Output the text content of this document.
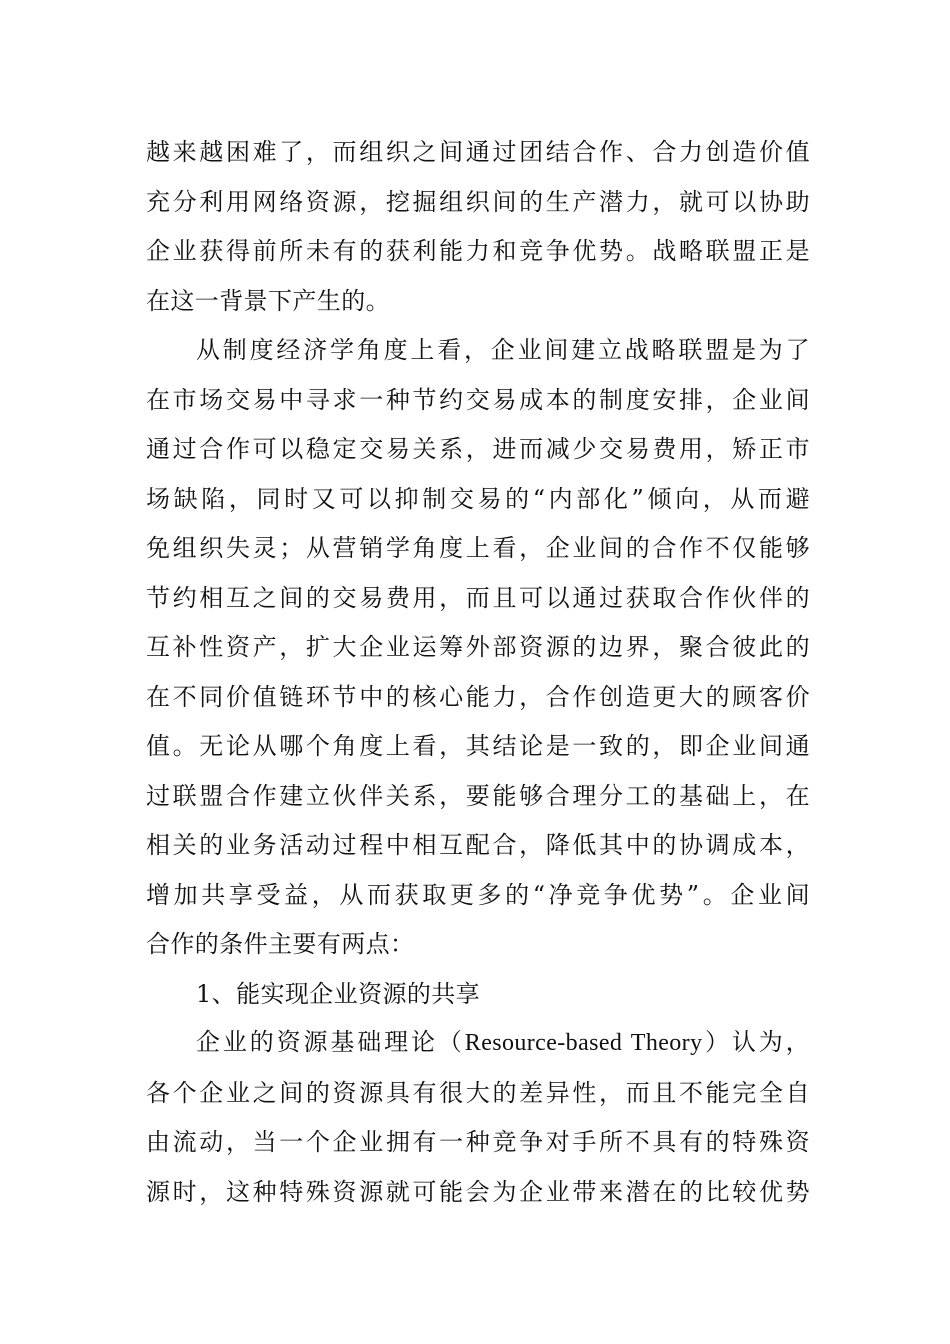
越来越困难了，而组织之间通过团结合作、合力创造价值
充分利用网络资源，挖掘组织间的生产潜力，就可以协助
企业获得前所未有的获利能力和竞争优势。战略联盟正是
在这一背景下产生的。
从制度经济学角度上看，企业间建立战略联盟是为了
在市场交易中寻求一种节约交易成本的制度安排，企业间
通过合作可以稳定交易关系，进而减少交易费用，矫正市
场缺陷，同时又可以抑制交易的“内部化”倾向，从而避
免组织失灵；从营销学角度上看，企业间的合作不仅能够
节约相互之间的交易费用，而且可以通过获取合作伙伴的
互补性资产，扩大企业运筹外部资源的边界，聚合彼此的
在不同价值链环节中的核心能力，合作创造更大的顾客价
值。无论从哪个角度上看，其结论是一致的，即企业间通
过联盟合作建立伙伴关系，要能够合理分工的基础上，在
相关的业务活动过程中相互配合，降低其中的协调成本，
增加共享受益，从而获取更多的“净竞争优势”。企业间
合作的条件主要有两点：
1、能实现企业资源的共享
企业的资源基础理论（Resource-based Theory）认为，
各个企业之间的资源具有很大的差异性，而且不能完全自
由流动，当一个企业拥有一种竞争对手所不具有的特殊资
源时，这种特殊资源就可能会为企业带来潜在的比较优势
